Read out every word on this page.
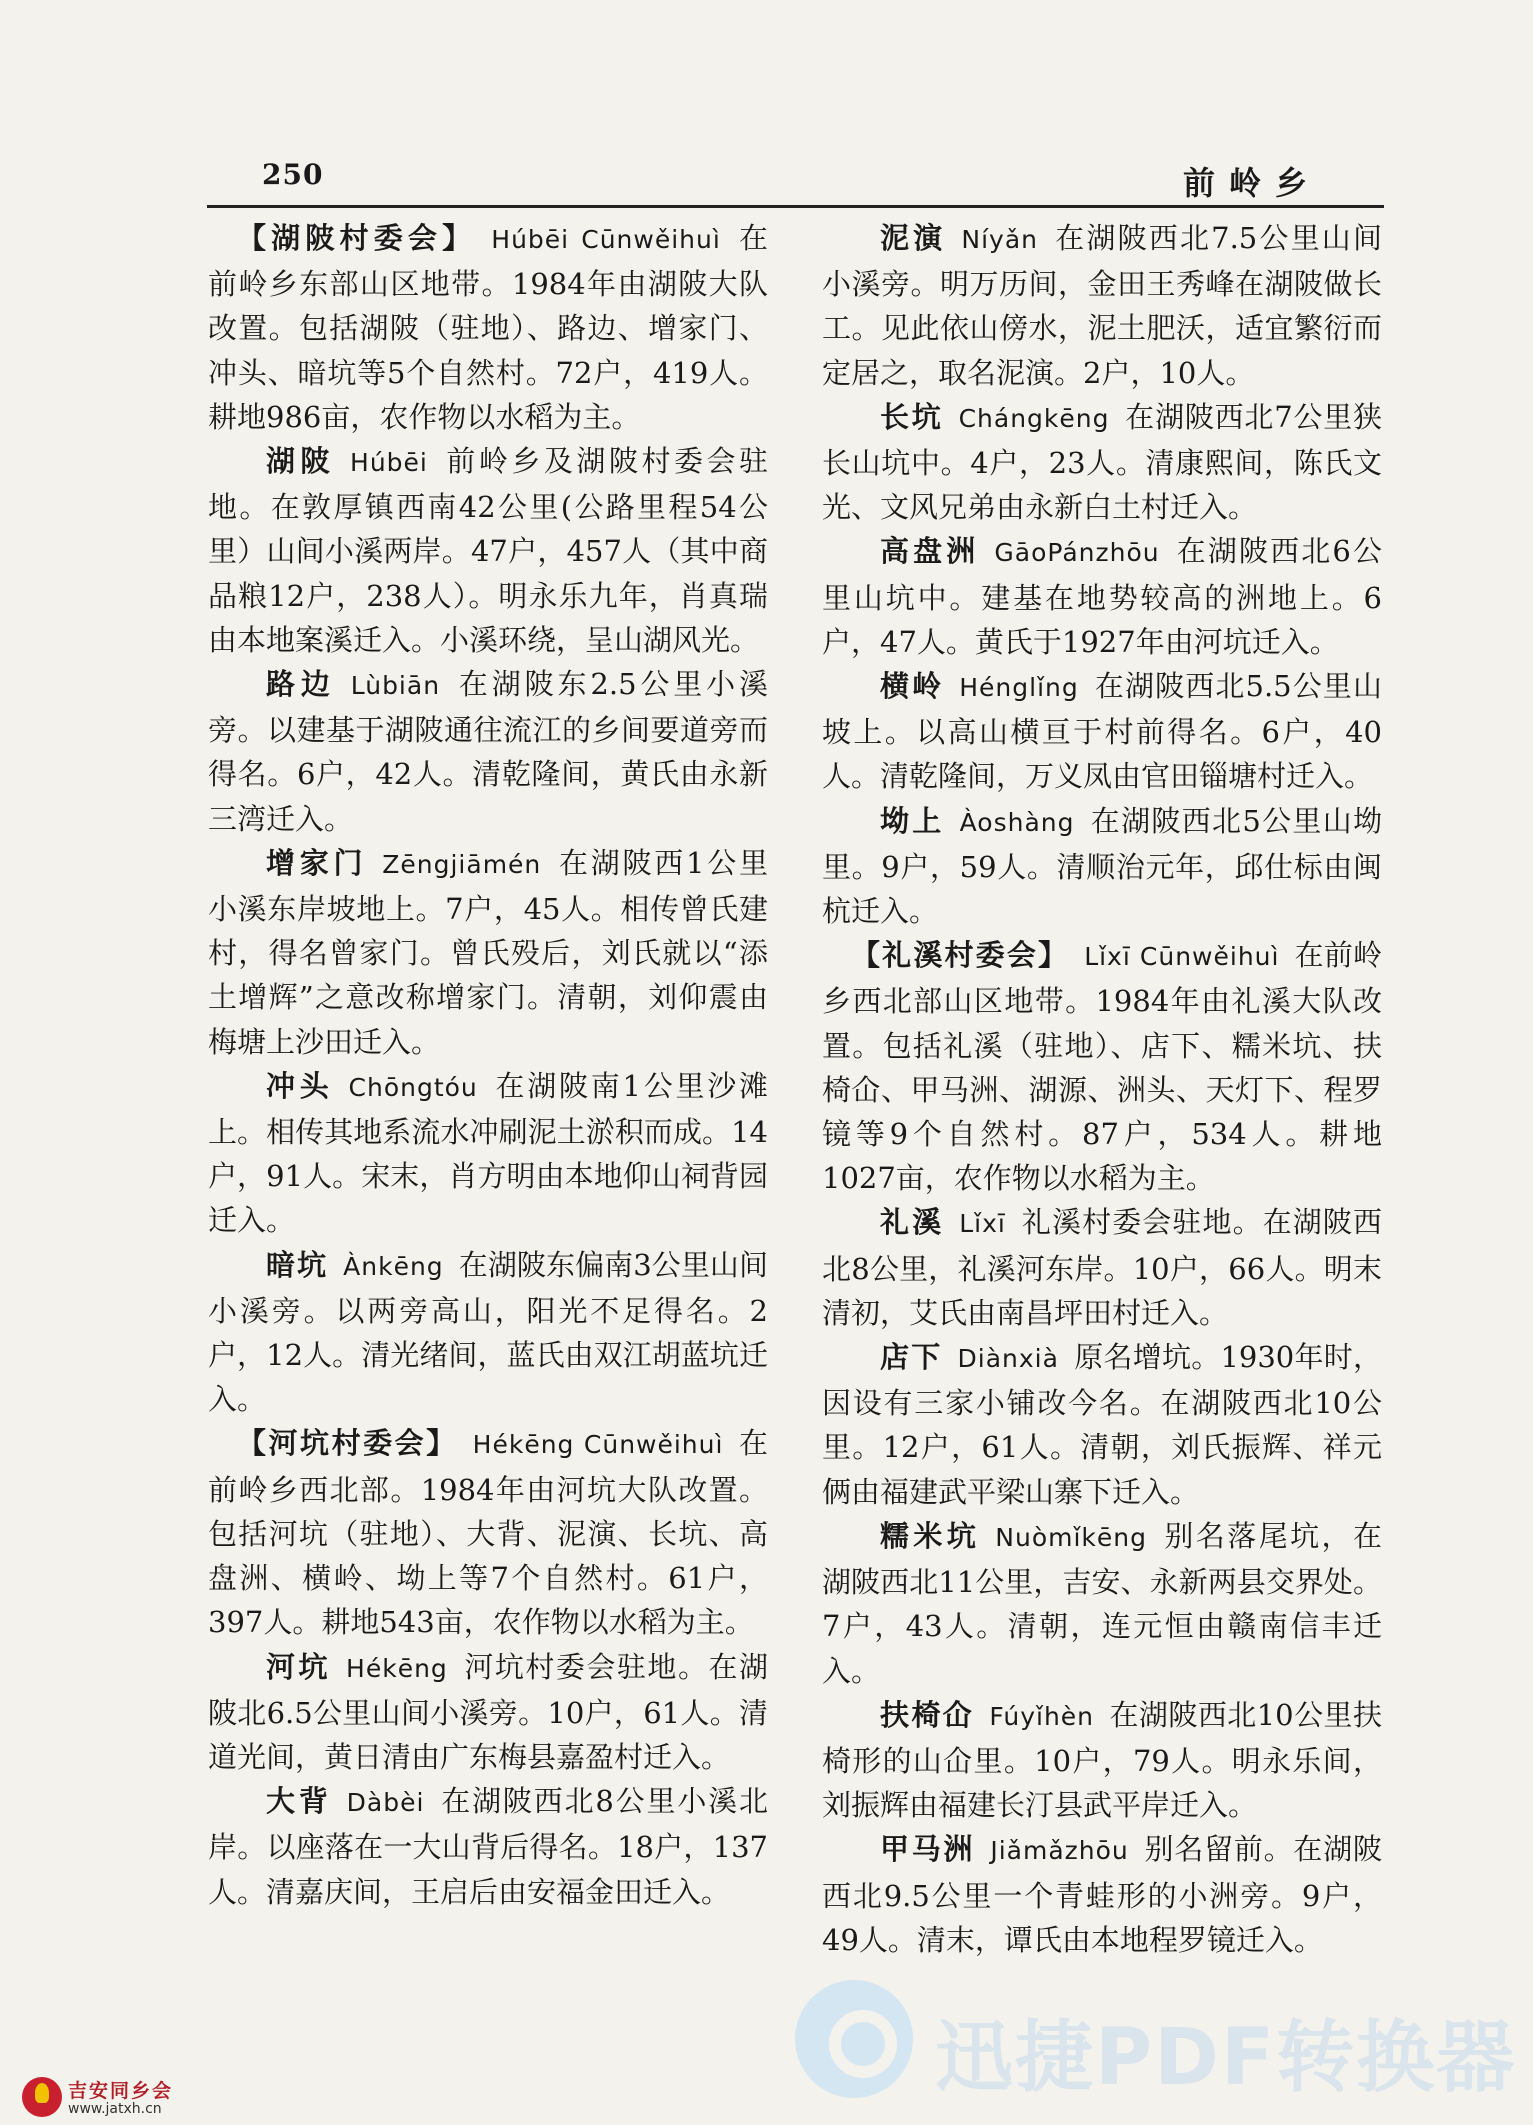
250	前岭乡

【湖陂村委会】 Húbēi Cūnwěihuì 在前岭乡东部山区地带。1984年由湖陂大队改置。包括湖陂（驻地）、路边、增家门、冲头、暗坑等5个自然村。72户，419人。耕地986亩，农作物以水稻为主。

湖陂 Húbēi 前岭乡及湖陂村委会驻地。在敦厚镇西南42公里(公路里程54公里）山间小溪两岸。47户，457人（其中商品粮12户，238人）。明永乐九年，肖真瑞由本地案溪迁入。小溪环绕，呈山湖风光。

路边 Lùbiān 在湖陂东2.5公里小溪旁。以建基于湖陂通往流江的乡间要道旁而得名。6户，42人。清乾隆间，黄氏由永新三湾迁入。

增家门 Zēngjiāmén 在湖陂西1公里小溪东岸坡地上。7户，45人。相传曾氏建村，得名曾家门。曾氏殁后，刘氏就以“添土增辉”之意改称增家门。清朝，刘仰震由梅塘上沙田迁入。

冲头 Chōngtóu 在湖陂南1公里沙滩上。相传其地系流水冲刷泥土淤积而成。14户，91人。宋末，肖方明由本地仰山祠背园迁入。

暗坑 Ànkēng 在湖陂东偏南3公里山间小溪旁。以两旁高山，阳光不足得名。2户，12人。清光绪间，蓝氏由双江胡蓝坑迁入。

【河坑村委会】 Hékēng Cūnwěihuì 在前岭乡西北部。1984年由河坑大队改置。包括河坑（驻地）、大背、泥演、长坑、高盘洲、横岭、坳上等7个自然村。61户，397人。耕地543亩，农作物以水稻为主。

河坑 Hékēng 河坑村委会驻地。在湖陂北6.5公里山间小溪旁。10户，61人。清道光间，黄日清由广东梅县嘉盈村迁入。

大背 Dàbèi 在湖陂西北8公里小溪北岸。以座落在一大山背后得名。18户，137人。清嘉庆间，王启后由安福金田迁入。

泥演 Níyǎn 在湖陂西北7.5公里山间小溪旁。明万历间，金田王秀峰在湖陂做长工。见此依山傍水，泥土肥沃，适宜繁衍而定居之，取名泥演。2户，10人。

长坑 Chángkēng 在湖陂西北7公里狭长山坑中。4户，23人。清康熙间，陈氏文光、文风兄弟由永新白土村迁入。

高盘洲 GāoPánzhōu 在湖陂西北6公里山坑中。建基在地势较高的洲地上。6户，47人。黄氏于1927年由河坑迁入。

横岭 Hénglǐng 在湖陂西北5.5公里山坡上。以高山横亘于村前得名。6户，40人。清乾隆间，万义凤由官田锱塘村迁入。

坳上 Àoshàng 在湖陂西北5公里山坳里。9户，59人。清顺治元年，邱仕标由闽杭迁入。

【礼溪村委会】 Lǐxī Cūnwěihuì 在前岭乡西北部山区地带。1984年由礼溪大队改置。包括礼溪（驻地）、店下、糯米坑、扶椅仚、甲马洲、湖源、洲头、天灯下、程罗镜等9个自然村。87户，534人。耕地1027亩，农作物以水稻为主。

礼溪 Lǐxī 礼溪村委会驻地。在湖陂西北8公里，礼溪河东岸。10户，66人。明末清初，艾氏由南昌坪田村迁入。

店下 Diànxià 原名增坑。1930年时，因设有三家小铺改今名。在湖陂西北10公里。12户，61人。清朝，刘氏振辉、祥元俩由福建武平梁山寨下迁入。

糯米坑 Nuòmǐkēng 别名落尾坑，在湖陂西北11公里，吉安、永新两县交界处。7户，43人。清朝，连元恒由赣南信丰迁入。

扶椅仚 Fúyǐhèn 在湖陂西北10公里扶椅形的山仚里。10户，79人。明永乐间，刘振辉由福建长汀县武平岸迁入。

甲马洲 Jiǎmǎzhōu 别名留前。在湖陂西北9.5公里一个青蛙形的小洲旁。9户，49人。清末，谭氏由本地程罗镜迁入。

迅捷PDF转换器
吉安同乡会
www.jatxh.cn
